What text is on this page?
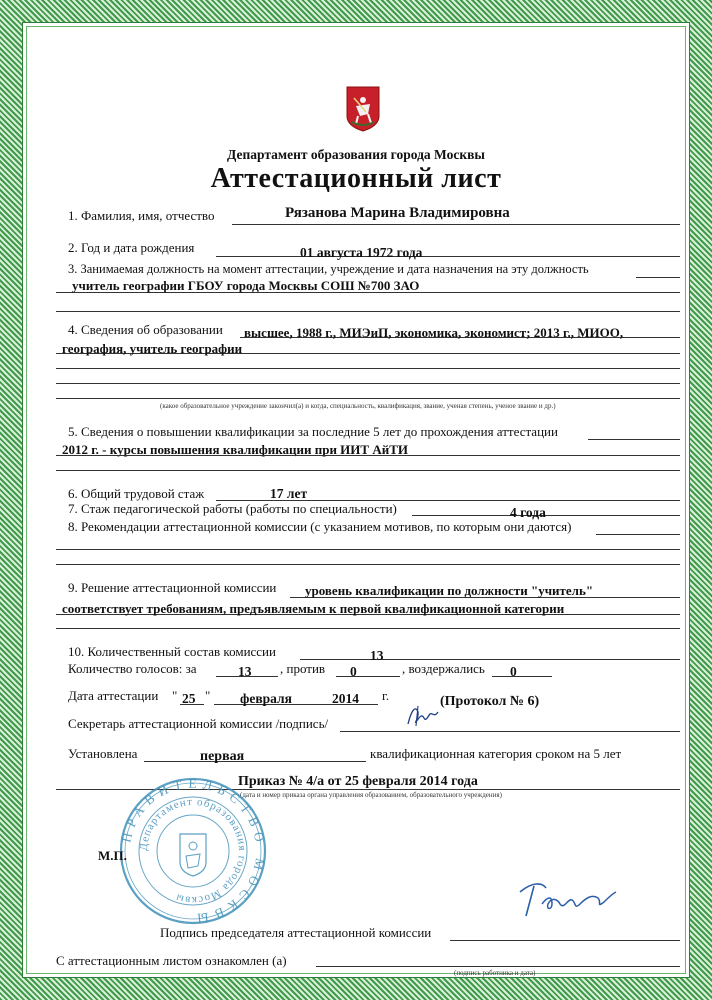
Департамент образования города Москвы
Аттестационный лист
1. Фамилия, имя, отчество	Рязанова Марина Владимировна
2. Год и дата рождения	01 августа 1972 года
3. Занимаемая должность на момент аттестации, учреждение и дата назначения на эту должность
учитель географии ГБОУ города Москвы СОШ №700 ЗАО
4. Сведения об образовании высшее, 1988 г., МИЭиП, экономика, экономист; 2013 г., МИОО,
география, учитель географии
(какое образовательное учреждение закончил(а) и когда, специальность, квалификация, звание, ученая степень, ученое звание и др.)
5. Сведения о повышении квалификации за последние 5 лет до прохождения аттестации
2012 г. - курсы повышения квалификации при ИИТ АйТИ
6. Общий трудовой стаж	17 лет
7. Стаж педагогической работы (работы по специальности)	4 года
8. Рекомендации аттестационной комиссии (с указанием мотивов, по которым они даются)
9. Решение аттестационной комиссии уровень квалификации по должности "учитель"
соответствует требованиям, предъявляемым к первой квалификационной категории
10. Количественный состав комиссии	13
Количество голосов: за	13 , против 0	, воздержались 0
Дата аттестации " 25 " февраля	2014 г.	(Протокол № 6)
Секретарь аттестационной комиссии /подпись/
Установлена	первая	квалификационная категория сроком на 5 лет
Приказ № 4/а от 25 февраля 2014 года
(дата и номер приказа органа управления образованием, образовательного учреждения)
ПРАВИТЕЛЬСТВО МОСКВЫ
Департамент образования города Москвы
М.П.
Подпись председателя аттестационной комиссии
С аттестационным листом ознакомлен (а)
(подпись работника и дата)
